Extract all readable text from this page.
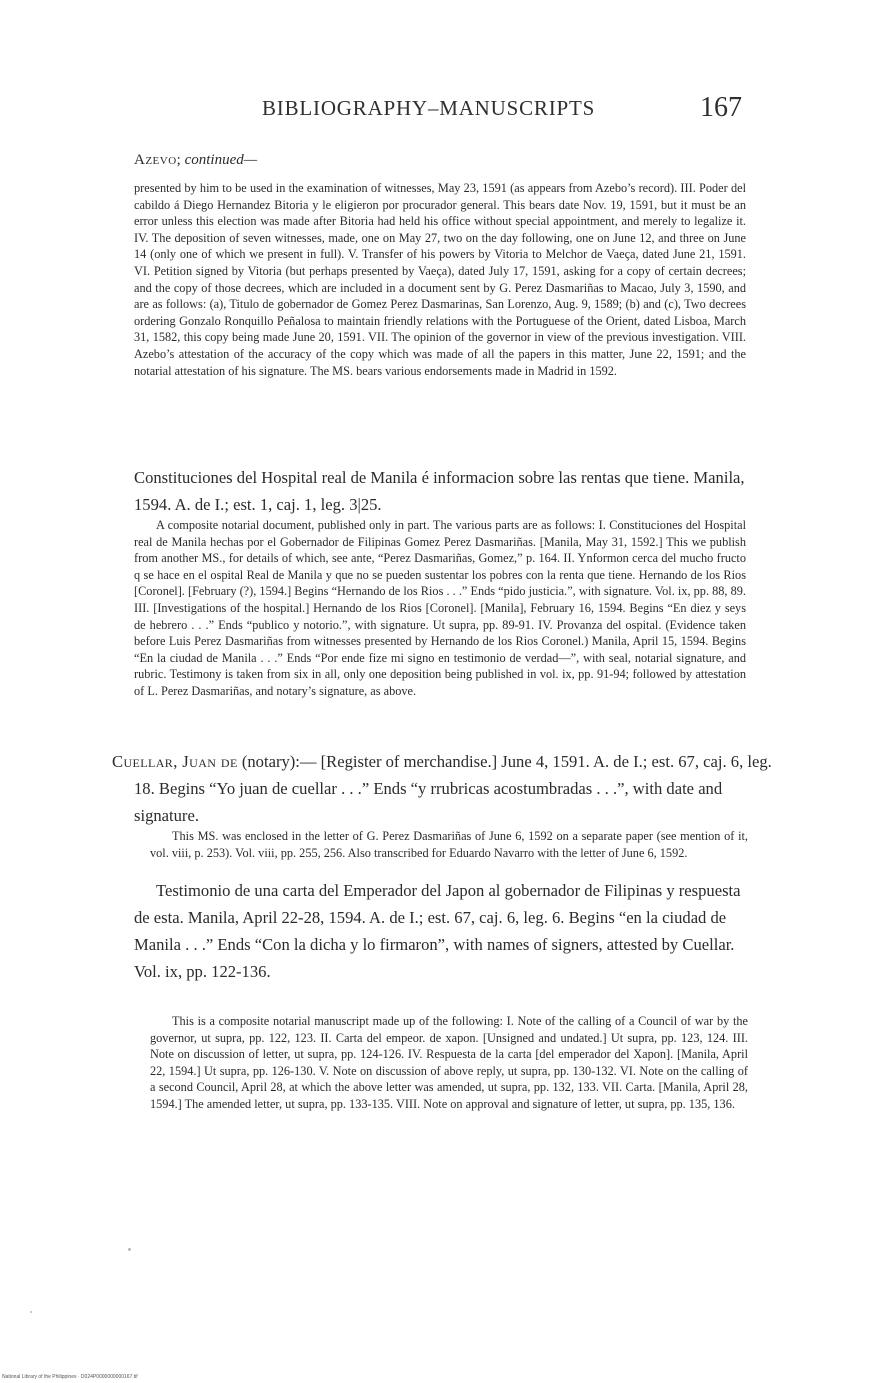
BIBLIOGRAPHY–MANUSCRIPTS	167
Azevo; continued—

presented by him to be used in the examination of witnesses, May 23, 1591 (as appears from Azebo’s record). III. Poder del cabildo á Diego Hernandez Bitoria y le eligieron por procurador general. This bears date Nov. 19, 1591, but it must be an error unless this election was made after Bitoria had held his office without special appointment, and merely to legalize it. IV. The deposition of seven witnesses, made, one on May 27, two on the day following, one on June 12, and three on June 14 (only one of which we present in full). V. Transfer of his powers by Vitoria to Melchor de Vaeça, dated June 21, 1591. VI. Petition signed by Vitoria (but perhaps presented by Vaeça), dated July 17, 1591, asking for a copy of certain decrees; and the copy of those decrees, which are included in a document sent by G. Perez Dasmariñas to Macao, July 3, 1590, and are as follows: (a), Titulo de gobernador de Gomez Perez Dasmarinas, San Lorenzo, Aug. 9, 1589; (b) and (c), Two decrees ordering Gonzalo Ronquillo Peñalosa to maintain friendly relations with the Portuguese of the Orient, dated Lisboa, March 31, 1582, this copy being made June 20, 1591. VII. The opinion of the governor in view of the previous investigation. VIII. Azebo’s attestation of the accuracy of the copy which was made of all the papers in this matter, June 22, 1591; and the notarial attestation of his signature. The MS. bears various endorsements made in Madrid in 1592.

Constituciones del Hospital real de Manila é informacion sobre las rentas que tiene. Manila, 1594. A. de I.; est. 1, caj. 1, leg. 3|25.

A composite notarial document, published only in part. The various parts are as follows: I. Constituciones del Hospital real de Manila hechas por el Gobernador de Filipinas Gomez Perez Dasmariñas. [Manila, May 31, 1592.] This we publish from another MS., for details of which, see ante, “Perez Dasmariñas, Gomez,” p. 164. II. Ynformon cerca del mucho fructo q se hace en el ospital Real de Manila y que no se pueden sustentar los pobres con la renta que tiene. Hernando de los Rios [Coronel]. [February (?), 1594.] Begins “Hernando de los Rios . . .” Ends “pido justicia.”, with signature. Vol. ix, pp. 88, 89. III. [Investigations of the hospital.] Hernando de los Rios [Coronel]. [Manila], February 16, 1594. Begins “En diez y seys de hebrero . . .” Ends “publico y notorio.”, with signature. Ut supra, pp. 89-91. IV. Provanza del ospital. (Evidence taken before Luis Perez Dasmariñas from witnesses presented by Hernando de los Rios Coronel.) Manila, April 15, 1594. Begins “En la ciudad de Manila . . .” Ends “Por ende fize mi signo en testimonio de verdad—”, with seal, notarial signature, and rubric. Testimony is taken from six in all, only one deposition being published in vol. ix, pp. 91-94; followed by attestation of L. Perez Dasmariñas, and notary’s signature, as above.

Cuellar, Juan de (notary):— [Register of merchandise.] June 4, 1591. A. de I.; est. 67, caj. 6, leg. 18. Begins “Yo juan de cuellar . . .” Ends “y rrubricas acostumbradas . . .”, with date and signature.

This MS. was enclosed in the letter of G. Perez Dasmariñas of June 6, 1592 on a separate paper (see mention of it, vol. viii, p. 253). Vol. viii, pp. 255, 256. Also transcribed for Eduardo Navarro with the letter of June 6, 1592.

Testimonio de una carta del Emperador del Japon al gobernador de Filipinas y respuesta de esta. Manila, April 22-28, 1594. A. de I.; est. 67, caj. 6, leg. 6. Begins “en la ciudad de Manila . . .” Ends “Con la dicha y lo firmaron”, with names of signers, attested by Cuellar. Vol. ix, pp. 122-136.

This is a composite notarial manuscript made up of the following: I. Note of the calling of a Council of war by the governor, ut supra, pp. 122, 123. II. Carta del empeor. de xapon. [Unsigned and undated.] Ut supra, pp. 123, 124. III. Note on discussion of letter, ut supra, pp. 124-126. IV. Respuesta de la carta [del emperador del Xapon]. [Manila, April 22, 1594.] Ut supra, pp. 126-130. V. Note on discussion of above reply, ut supra, pp. 130-132. VI. Note on the calling of a second Council, April 28, at which the above letter was amended, ut supra, pp. 132, 133. VII. Carta. [Manila, April 28, 1594.] The amended letter, ut supra, pp. 133-135. VIII. Note on approval and signature of letter, ut supra, pp. 135, 136.

National Library of the Philippines · D024P0000000000167.tif
